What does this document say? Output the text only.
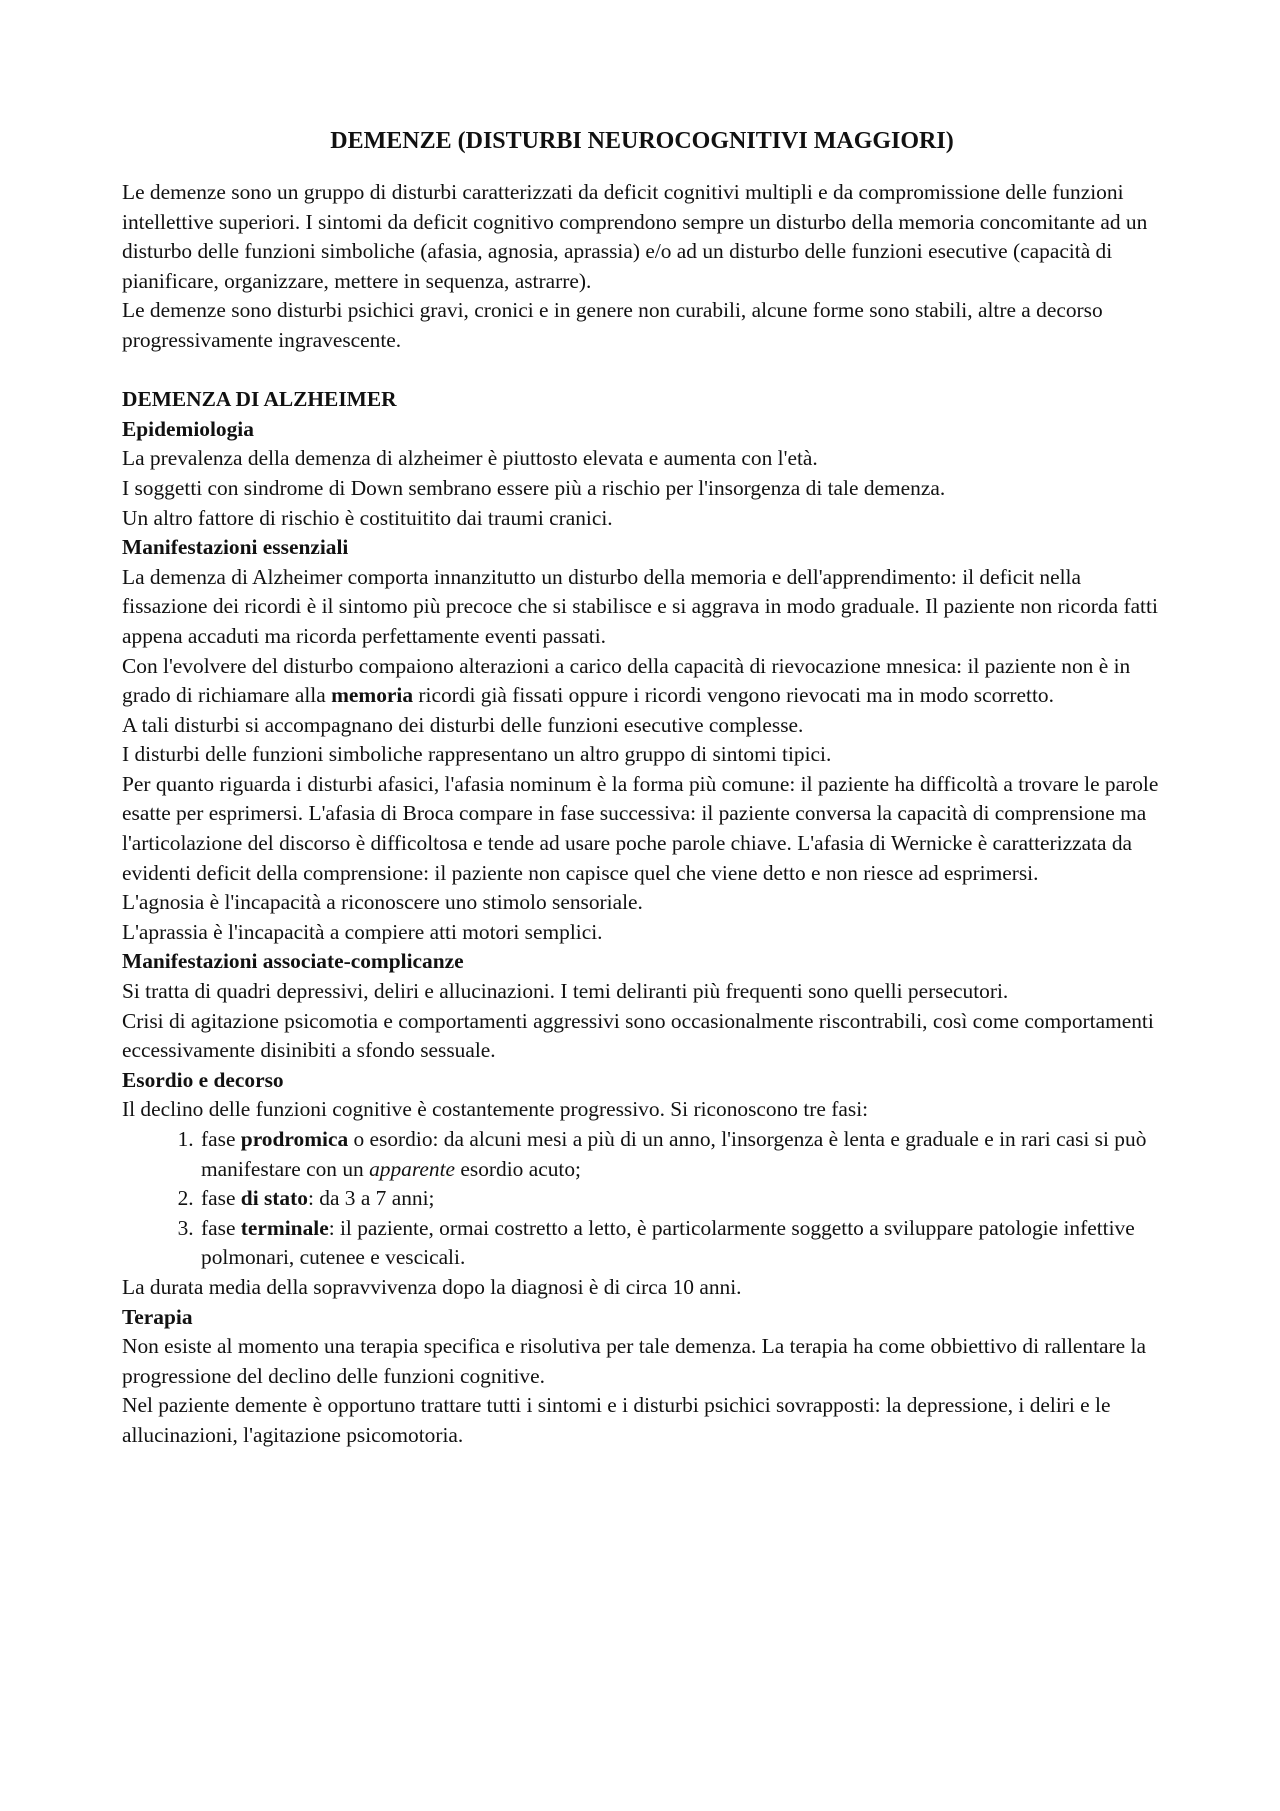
DEMENZE (DISTURBI NEUROCOGNITIVI MAGGIORI)

Le demenze sono un gruppo di disturbi caratterizzati da deficit cognitivi multipli e da compromissione delle funzioni intellettive superiori. I sintomi da deficit cognitivo comprendono sempre un disturbo della memoria concomitante ad un disturbo delle funzioni simboliche (afasia, agnosia, aprassia) e/o ad un disturbo delle funzioni esecutive (capacità di pianificare, organizzare, mettere in sequenza, astrarre).

Le demenze sono disturbi psichici gravi, cronici e in genere non curabili, alcune forme sono stabili, altre a decorso progressivamente ingravescente.

DEMENZA DI ALZHEIMER
Epidemiologia

La prevalenza della demenza di alzheimer è piuttosto elevata e aumenta con l'età.

I soggetti con sindrome di Down sembrano essere più a rischio per l'insorgenza di tale demenza.

Un altro fattore di rischio è costituitito dai traumi cranici.

Manifestazioni essenziali

La demenza di Alzheimer comporta innanzitutto un disturbo della memoria e dell'apprendimento: il deficit nella fissazione dei ricordi è il sintomo più precoce che si stabilisce e si aggrava in modo graduale. Il paziente non ricorda fatti appena accaduti ma ricorda perfettamente eventi passati.

Con l'evolvere del disturbo compaiono alterazioni a carico della capacità di rievocazione mnesica: il paziente non è in grado di richiamare alla memoria ricordi già fissati oppure i ricordi vengono rievocati ma in modo scorretto.

A tali disturbi si accompagnano dei disturbi delle funzioni esecutive complesse.

I disturbi delle funzioni simboliche rappresentano un altro gruppo di sintomi tipici.

Per quanto riguarda i disturbi afasici, l'afasia nominum è la forma più comune: il paziente ha difficoltà a trovare le parole esatte per esprimersi. L'afasia di Broca compare in fase successiva: il paziente conversa la capacità di comprensione ma l'articolazione del discorso è difficoltosa e tende ad usare poche parole chiave. L'afasia di Wernicke è caratterizzata da evidenti deficit della comprensione: il paziente non capisce quel che viene detto e non riesce ad esprimersi.

L'agnosia è l'incapacità a riconoscere uno stimolo sensoriale.

L'aprassia è l'incapacità a compiere atti motori semplici.

Manifestazioni associate-complicanze

Si tratta di quadri depressivi, deliri e allucinazioni. I temi deliranti più frequenti sono quelli persecutori.

Crisi di agitazione psicomotia e comportamenti aggressivi sono occasionalmente riscontrabili, così come comportamenti eccessivamente disinibiti a sfondo sessuale.

Esordio e decorso

Il declino delle funzioni cognitive è costantemente progressivo. Si riconoscono tre fasi:

1. fase prodromica o esordio: da alcuni mesi a più di un anno, l'insorgenza è lenta e graduale e in rari casi si può manifestare con un apparente esordio acuto;
2. fase di stato: da 3 a 7 anni;
3. fase terminale: il paziente, ormai costretto a letto, è particolarmente soggetto a sviluppare patologie infettive polmonari, cutenee e vescicali.

La durata media della sopravvivenza dopo la diagnosi è di circa 10 anni.

Terapia

Non esiste al momento una terapia specifica e risolutiva per tale demenza. La terapia ha come obbiettivo di rallentare la progressione del declino delle funzioni cognitive.

Nel paziente demente è opportuno trattare tutti i sintomi e i disturbi psichici sovrapposti: la depressione, i deliri e le allucinazioni, l'agitazione psicomotoria.
